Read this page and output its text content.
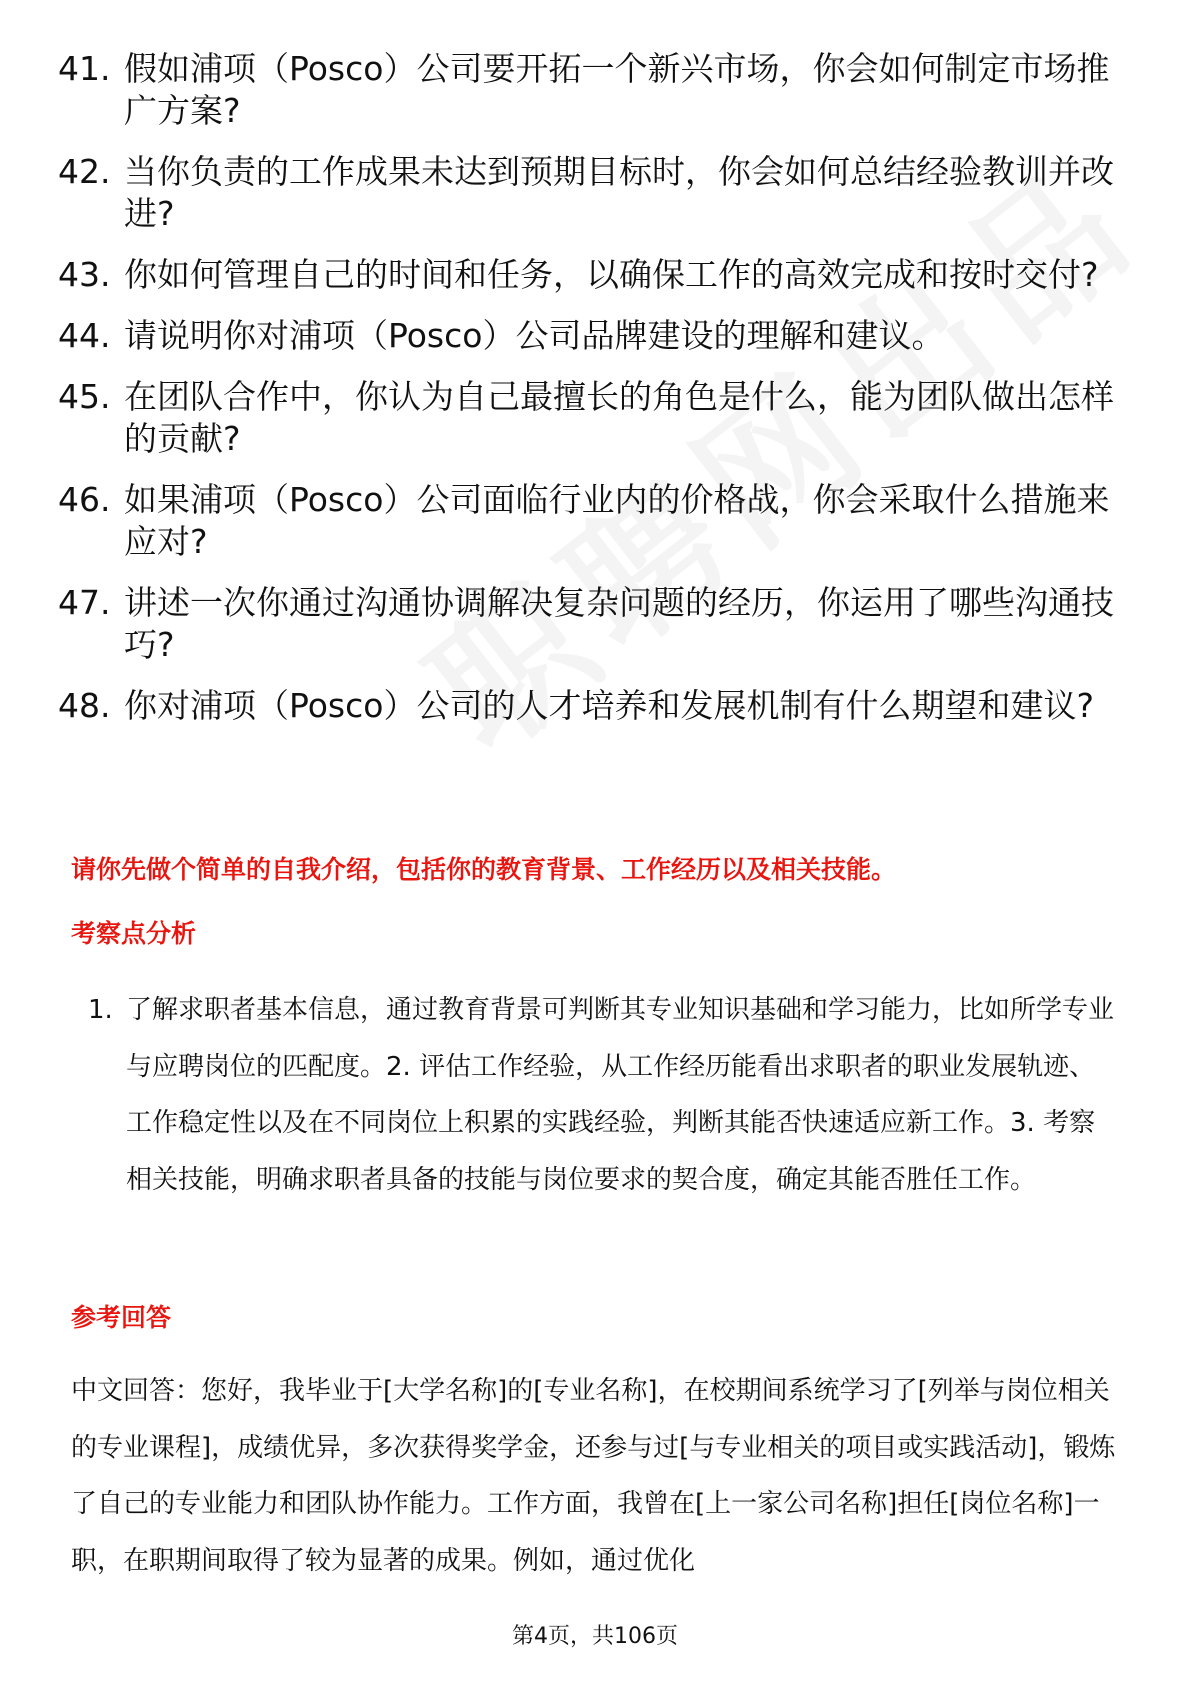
41. 假如浦项（Posco）公司要开拓一个新兴市场，你会如何制定市场推广方案?
42. 当你负责的工作成果未达到预期目标时，你会如何总结经验教训并改进?
43. 你如何管理自己的时间和任务，以确保工作的高效完成和按时交付?
44. 请说明你对浦项（Posco）公司品牌建设的理解和建议。
45. 在团队合作中，你认为自己最擅长的角色是什么，能为团队做出怎样的贡献?
46. 如果浦项（Posco）公司面临行业内的价格战，你会采取什么措施来应对?
47. 讲述一次你通过沟通协调解决复杂问题的经历，你运用了哪些沟通技巧?
48. 你对浦项（Posco）公司的人才培养和发展机制有什么期望和建议?
请你先做个简单的自我介绍，包括你的教育背景、工作经历以及相关技能。
考察点分析
1. 了解求职者基本信息，通过教育背景可判断其专业知识基础和学习能力，比如所学专业与应聘岗位的匹配度。2. 评估工作经验，从工作经历能看出求职者的职业发展轨迹、工作稳定性以及在不同岗位上积累的实践经验，判断其能否快速适应新工作。3. 考察相关技能，明确求职者具备的技能与岗位要求的契合度，确定其能否胜任工作。
参考回答
中文回答：您好，我毕业于[大学名称]的[专业名称]，在校期间系统学习了[列举与岗位相关的专业课程]，成绩优异，多次获得奖学金，还参与过[与专业相关的项目或实践活动]，锻炼了自己的专业能力和团队协作能力。工作方面，我曾在[上一家公司名称]担任[岗位名称]一职，在职期间取得了较为显著的成果。例如，通过优化
第4页，共106页
